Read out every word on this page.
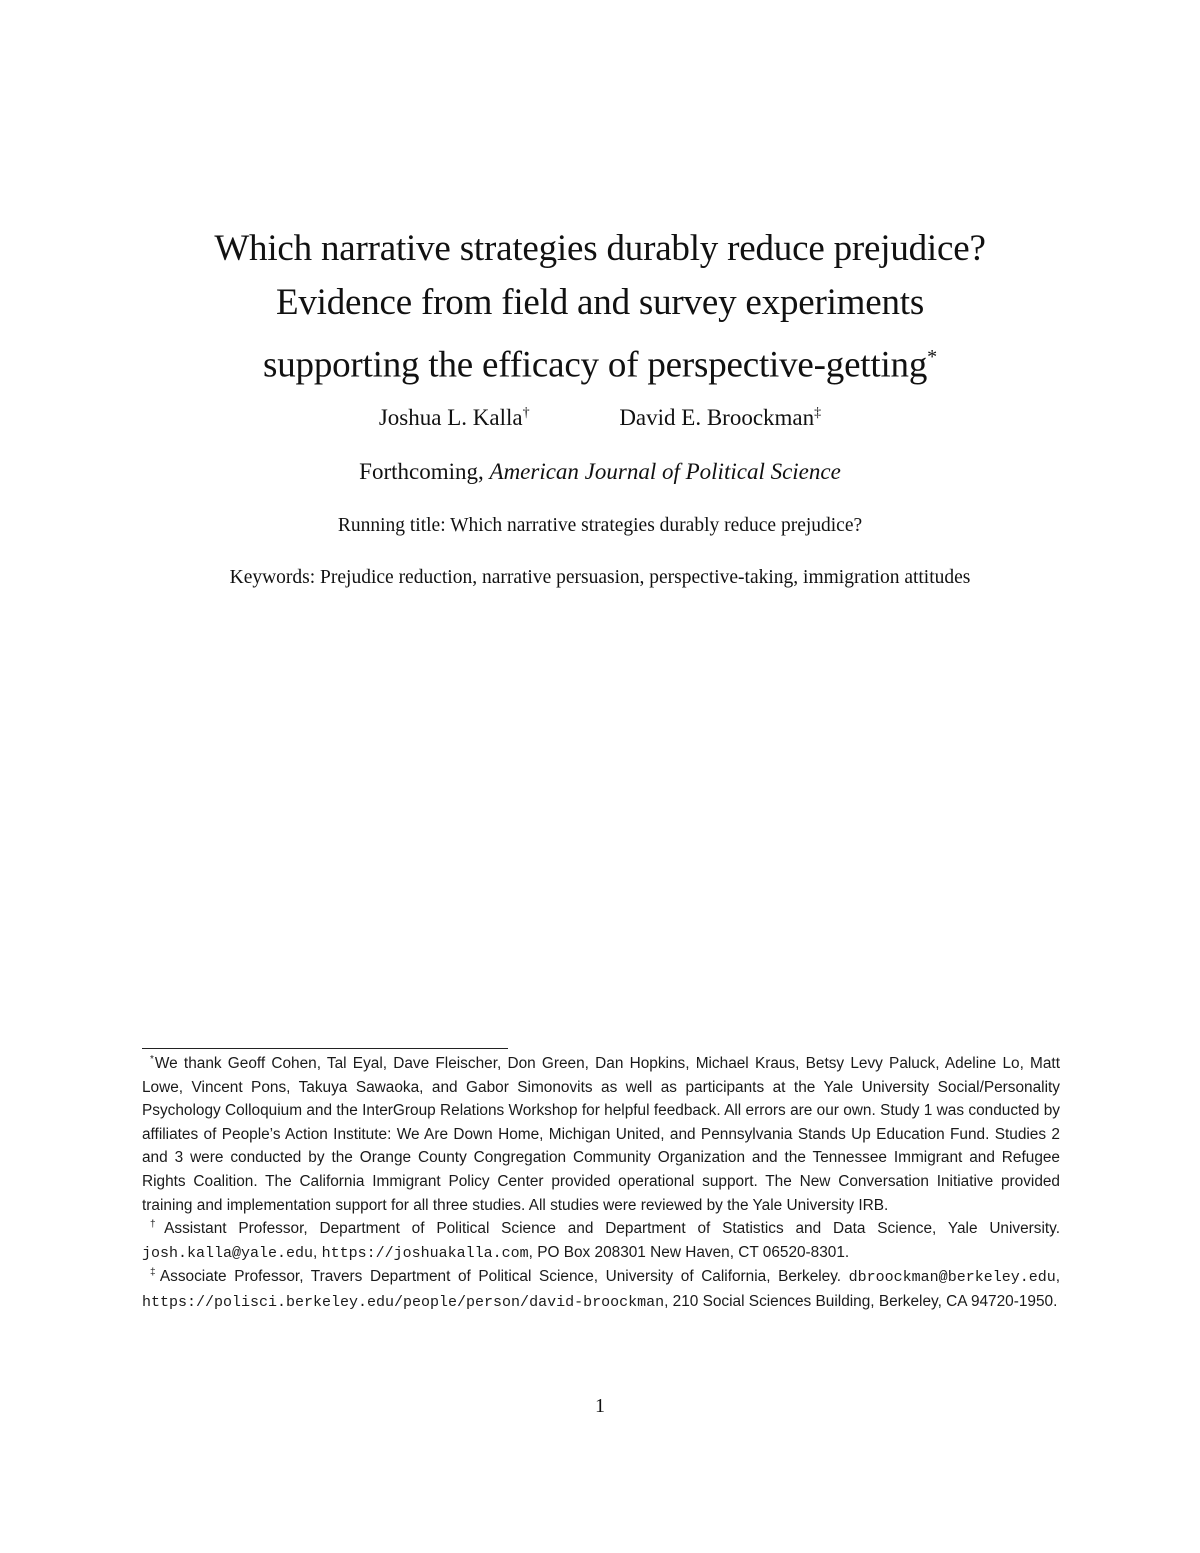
Which narrative strategies durably reduce prejudice?
Evidence from field and survey experiments
supporting the efficacy of perspective-getting*
Joshua L. Kalla†	David E. Broockman‡
Forthcoming, American Journal of Political Science
Running title: Which narrative strategies durably reduce prejudice?
Keywords: Prejudice reduction, narrative persuasion, perspective-taking, immigration attitudes

*We thank Geoff Cohen, Tal Eyal, Dave Fleischer, Don Green, Dan Hopkins, Michael Kraus, Betsy Levy Paluck, Adeline Lo, Matt Lowe, Vincent Pons, Takuya Sawaoka, and Gabor Simonovits as well as participants at the Yale University Social/Personality Psychology Colloquium and the InterGroup Relations Workshop for helpful feedback. All errors are our own. Study 1 was conducted by affiliates of People’s Action Institute: We Are Down Home, Michigan United, and Pennsylvania Stands Up Education Fund. Studies 2 and 3 were conducted by the Orange County Congregation Community Organization and the Tennessee Immigrant and Refugee Rights Coalition. The California Immigrant Policy Center provided operational support. The New Conversation Initiative provided training and implementation support for all three studies. All studies were reviewed by the Yale University IRB.

†Assistant Professor, Department of Political Science and Department of Statistics and Data Science, Yale University. josh.kalla@yale.edu, https://joshuakalla.com, PO Box 208301 New Haven, CT 06520-8301.

‡Associate Professor, Travers Department of Political Science, University of California, Berkeley. dbroockman@berkeley.edu, https://polisci.berkeley.edu/people/person/david-broockman, 210 Social Sciences Building, Berkeley, CA 94720-1950.

1
